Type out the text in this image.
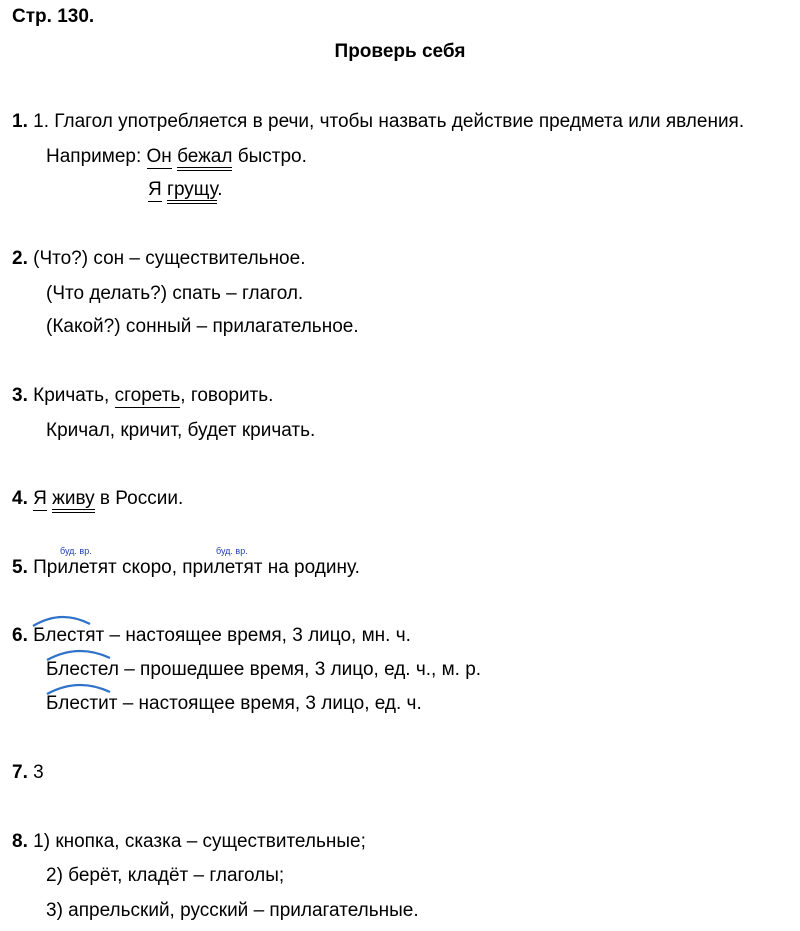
Стр. 130.
Проверь себя
1. 1. Глагол употребляется в речи, чтобы назвать действие предмета или явления.
Например: Он бежал быстро.
Я грущу.
2. (Что?) сон – существительное.
(Что делать?) спать – глагол.
(Какой?) сонный – прилагательное.
3. Кричать, сгореть, говорить.
Кричал, кричит, будет кричать.
4. Я живу в России.
буд. вр.	буд. вр.
5. Прилетят скоро, прилетят на родину.
6. Блестят – настоящее время, 3 лицо, мн. ч.
Блестел – прошедшее время, 3 лицо, ед. ч., м. р.
Блестит – настоящее время, 3 лицо, ед. ч.
7. 3
8. 1) кнопка, сказка – существительные;
2) берёт, кладёт – глаголы;
3) апрельский, русский – прилагательные.
